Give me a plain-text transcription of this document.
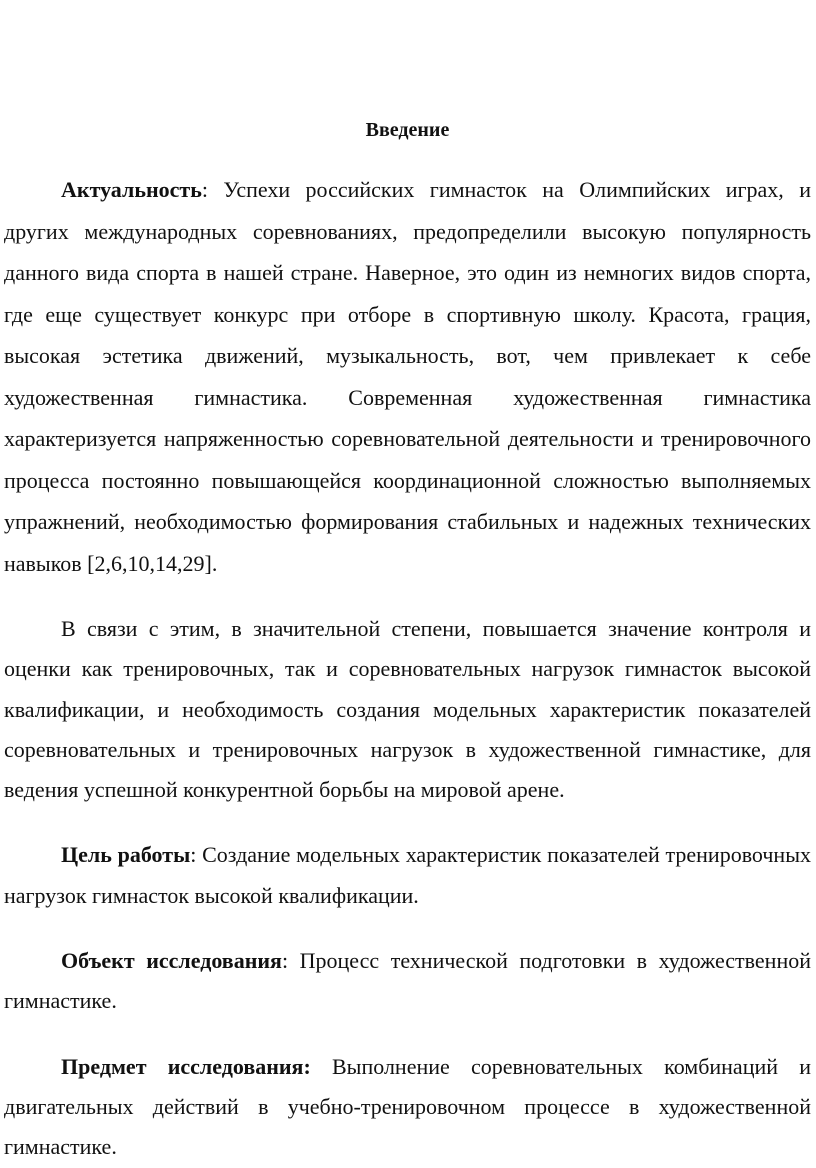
Введение

Актуальность: Успехи российских гимнасток на Олимпийских играх, и других международных соревнованиях, предопределили высокую популярность данного вида спорта в нашей стране. Наверное, это один из немногих видов спорта, где еще существует конкурс при отборе в спортивную школу. Красота, грация, высокая эстетика движений, музыкальность, вот, чем привлекает к себе художественная гимнастика. Современная художественная гимнастика характеризуется напряженностью соревновательной деятельности и тренировочного процесса постоянно повышающейся координационной сложностью выполняемых упражнений, необходимостью формирования стабильных и надежных технических навыков [2,6,10,14,29].

В связи с этим, в значительной степени, повышается значение контроля и оценки как тренировочных, так и соревновательных нагрузок гимнасток высокой квалификации, и необходимость создания модельных характеристик показателей соревновательных и тренировочных нагрузок в художественной гимнастике, для ведения успешной конкурентной борьбы на мировой арене.

Цель работы: Создание модельных характеристик показателей тренировочных нагрузок гимнасток высокой квалификации.

Объект исследования: Процесс технической подготовки в художественной гимнастике.

Предмет исследования: Выполнение соревновательных комбинаций и двигательных действий в учебно-тренировочном процессе в художественной гимнастике.
